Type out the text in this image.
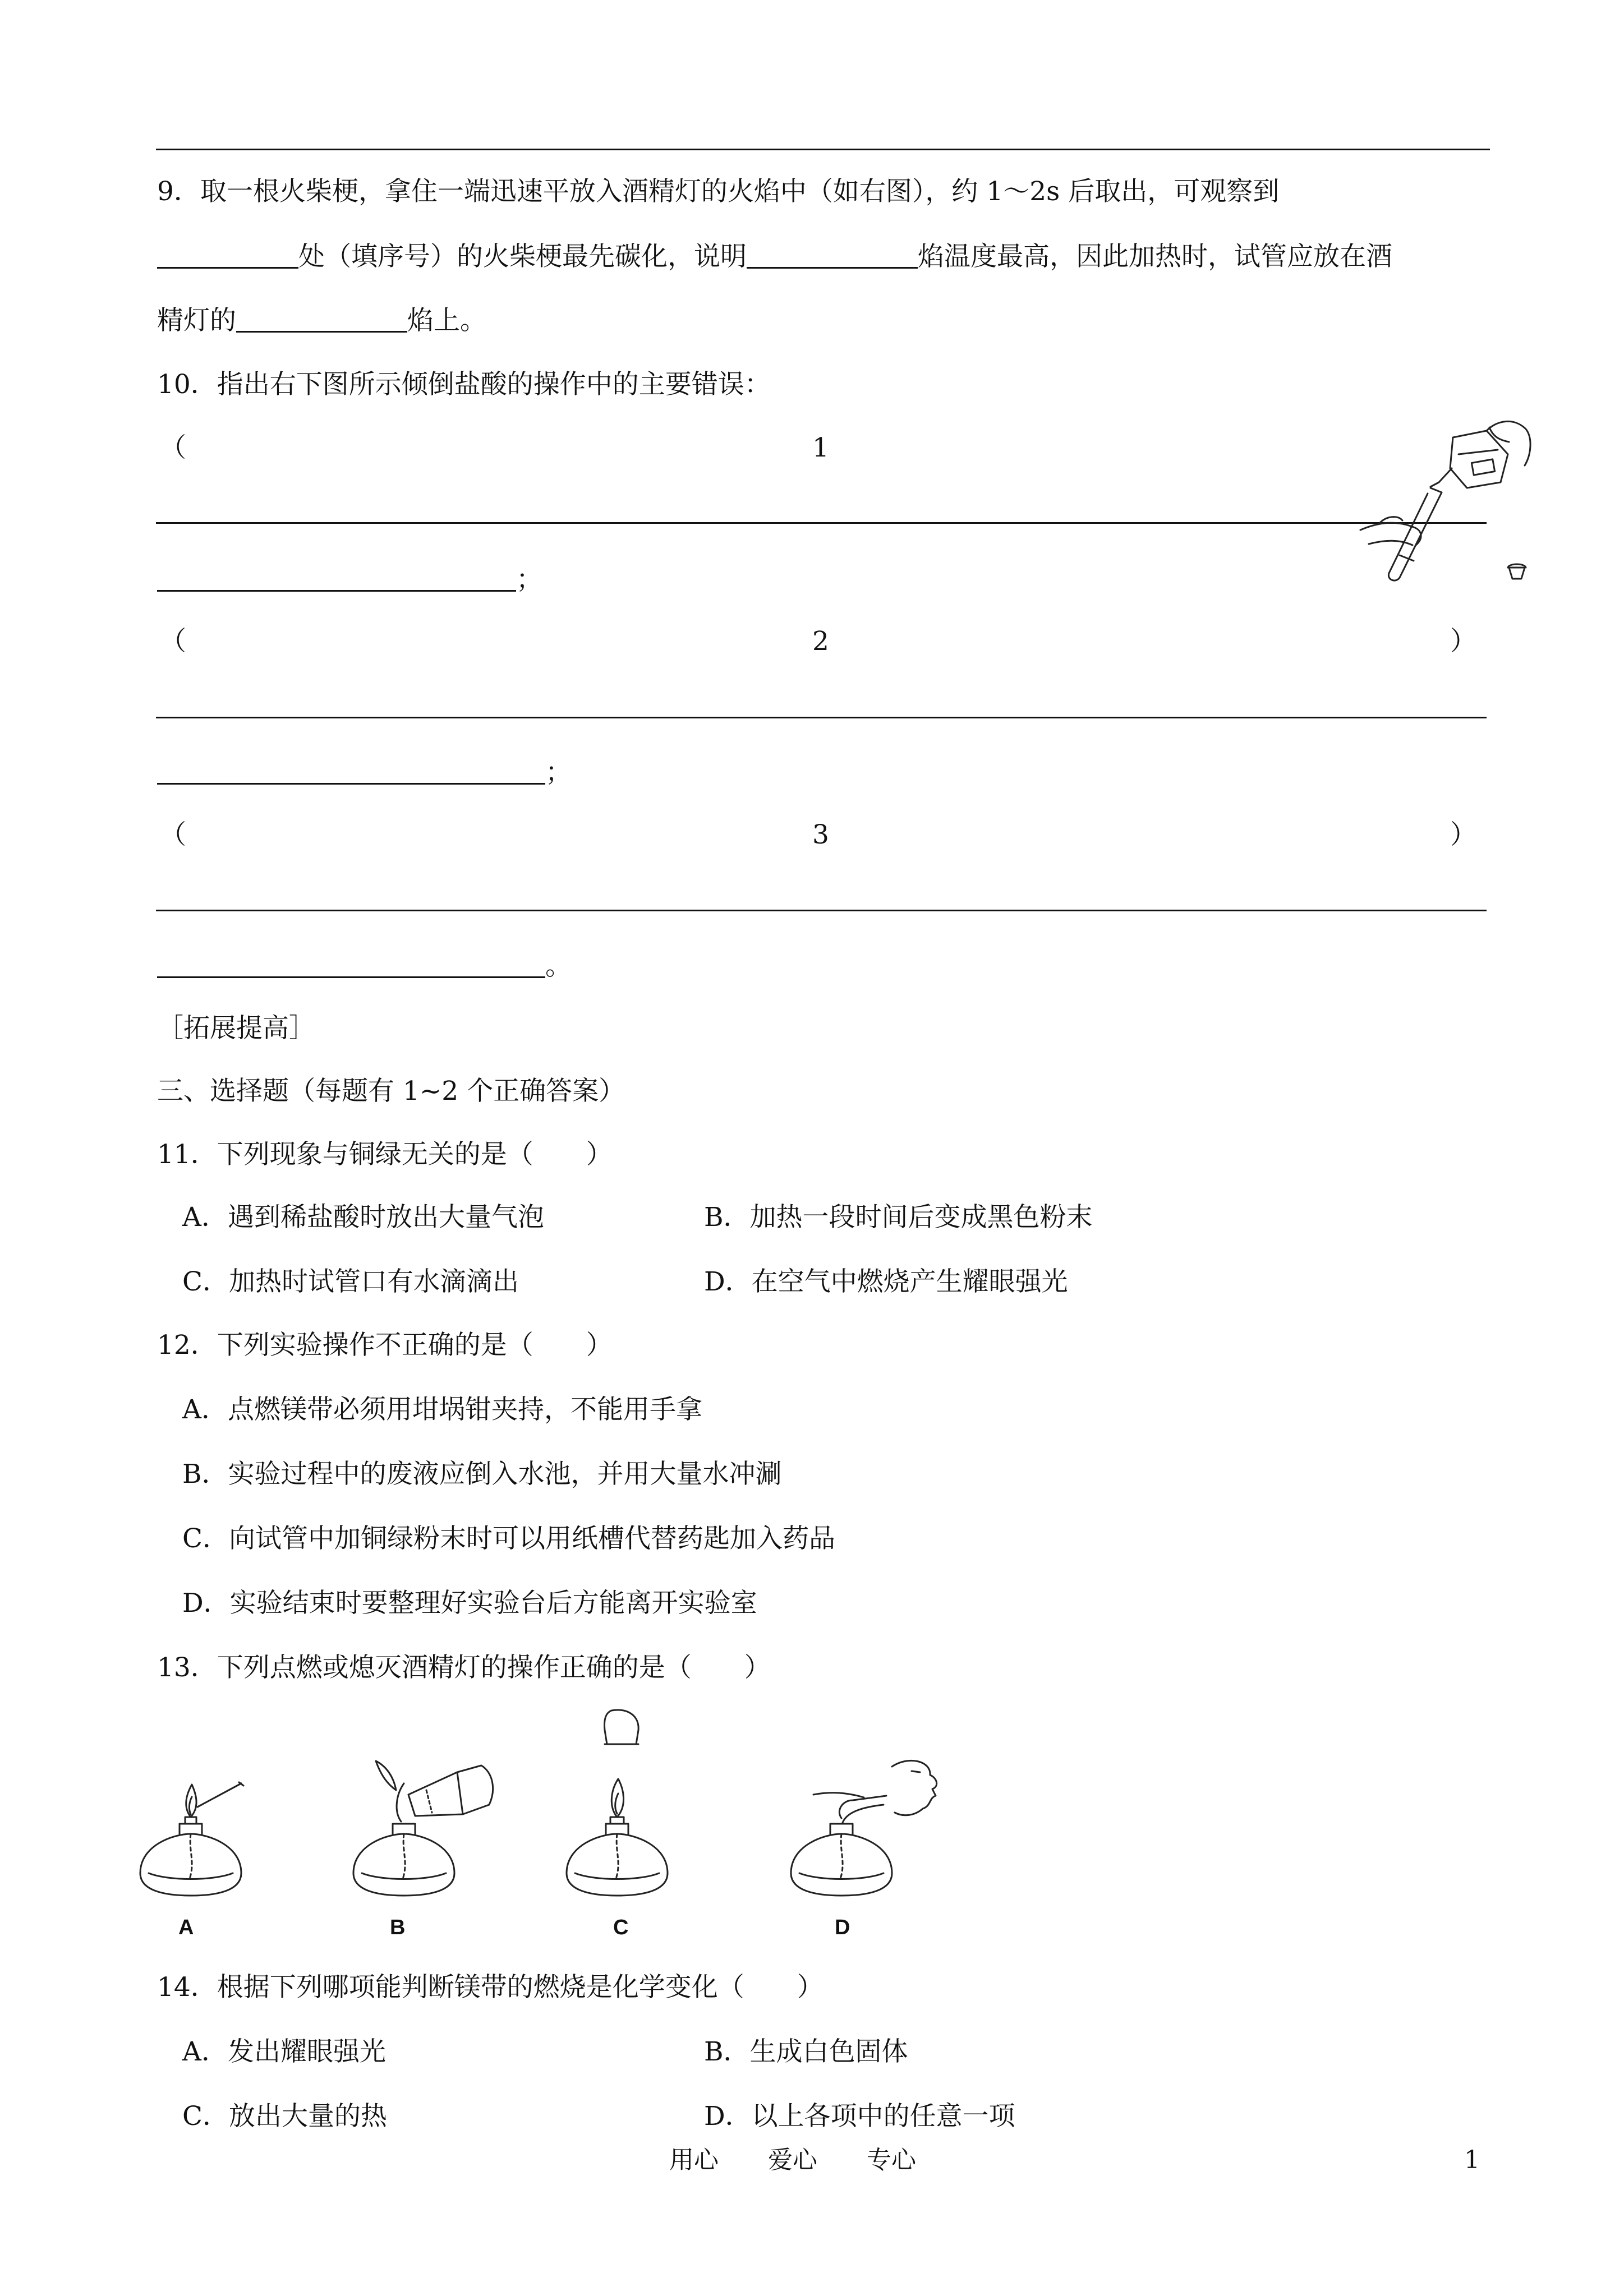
9．取一根火柴梗，拿住一端迅速平放入酒精灯的火焰中（如右图），约 1～2s 后取出，可观察到
处（填序号）的火柴梗最先碳化，说明	焰温度最高，因此加热时，试管应放在酒
精灯的	焰上。
10．指出右下图所示倾倒盐酸的操作中的主要错误：
（	1
；
（	2	）
；
（	3	）
。
［拓展提高］
三、选择题（每题有 1~2 个正确答案）
11．下列现象与铜绿无关的是（　　）
A．遇到稀盐酸时放出大量气泡	B．加热一段时间后变成黑色粉末
C．加热时试管口有水滴滴出	D．在空气中燃烧产生耀眼强光
12．下列实验操作不正确的是（　　）
A．点燃镁带必须用坩埚钳夹持，不能用手拿
B．实验过程中的废液应倒入水池，并用大量水冲涮
C．向试管中加铜绿粉末时可以用纸槽代替药匙加入药品
D．实验结束时要整理好实验台后方能离开实验室
13．下列点燃或熄灭酒精灯的操作正确的是（　　）
A	B	C	D
14．根据下列哪项能判断镁带的燃烧是化学变化（　　）
A．发出耀眼强光	B．生成白色固体
C．放出大量的热	D．以上各项中的任意一项
用心　　爱心　　专心	1
